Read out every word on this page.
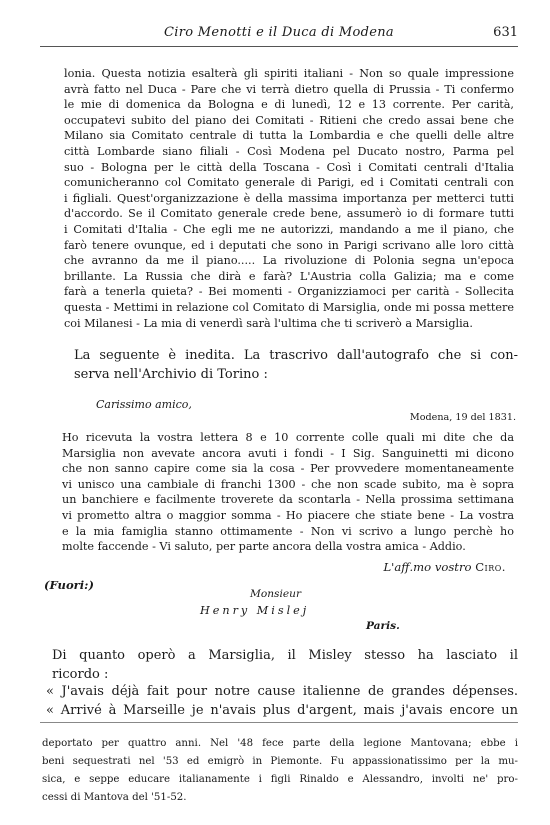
Ciro Menotti e il Duca di Modena	631
lonia. Questa notizia esalterà gli spiriti italiani - Non so quale impressione
avrà fatto nel Duca - Pare che vi terrà dietro quella di Prussia - Ti confermo
le mie di domenica da Bologna e di lunedì, 12 e 13 corrente. Per carità,
occupatevi subito del piano dei Comitati - Ritieni che credo assai bene che
Milano sia Comitato centrale di tutta la Lombardia e che quelli delle altre
città Lombarde siano filiali - Così Modena pel Ducato nostro, Parma pel
suo - Bologna per le città della Toscana - Così i Comitati centrali d'Italia
comunicheranno col Comitato generale di Parigi, ed i Comitati centrali con
i figliali. Quest'organizzazione è della massima importanza per metterci tutti
d'accordo. Se il Comitato generale crede bene, assumerò io di formare tutti
i Comitati d'Italia - Che egli me ne autorizzi, mandando a me il piano, che
farò tenere ovunque, ed i deputati che sono in Parigi scrivano alle loro città
che avranno da me il piano..... La rivoluzione di Polonia segna un'epoca
brillante. La Russia che dirà e farà? L'Austria colla Galizia; ma e come
farà a tenerla quieta? - Bei momenti - Organizziamoci per carità - Sollecita
questa - Mettimi in relazione col Comitato di Marsiglia, onde mi possa mettere
coi Milanesi - La mia di venerdì sarà l'ultima che ti scriverò a Marsiglia.
La seguente è inedita. La trascrivo dall'autografo che si con-
serva nell'Archivio di Torino :
Carissimo amico,
Modena, 19 del 1831.
Ho ricevuta la vostra lettera 8 e 10 corrente colle quali mi dite che da
Marsiglia non avevate ancora avuti i fondi - I Sig. Sanguinetti mi dicono
che non sanno capire come sia la cosa - Per provvedere momentaneamente
vi unisco una cambiale di franchi 1300 - che non scade subito, ma è sopra
un banchiere e facilmente troverete da scontarla - Nella prossima settimana
vi prometto altra o maggior somma - Ho piacere che stiate bene - La vostra
e la mia famiglia stanno ottimamente - Non vi scrivo a lungo perchè ho
molte faccende - Vi saluto, per parte ancora della vostra amica - Addio.
L'aff.mo vostro Ciro.
(Fuori:)
Monsieur
Henry Mislej
Paris.
Di quanto operò a Marsiglia, il Misley stesso ha lasciato il
ricordo :
« J'avais déjà fait pour notre cause italienne de grandes dépenses.
« Arrivé à Marseille je n'avais plus d'argent, mais j'avais encore un
deportato per quattro anni. Nel '48 fece parte della legione Mantovana; ebbe i
beni sequestrati nel '53 ed emigrò in Piemonte. Fu appassionatissimo per la mu-
sica, e seppe educare italianamente i figli Rinaldo e Alessandro, involti ne' pro-
cessi di Mantova del '51-52.
